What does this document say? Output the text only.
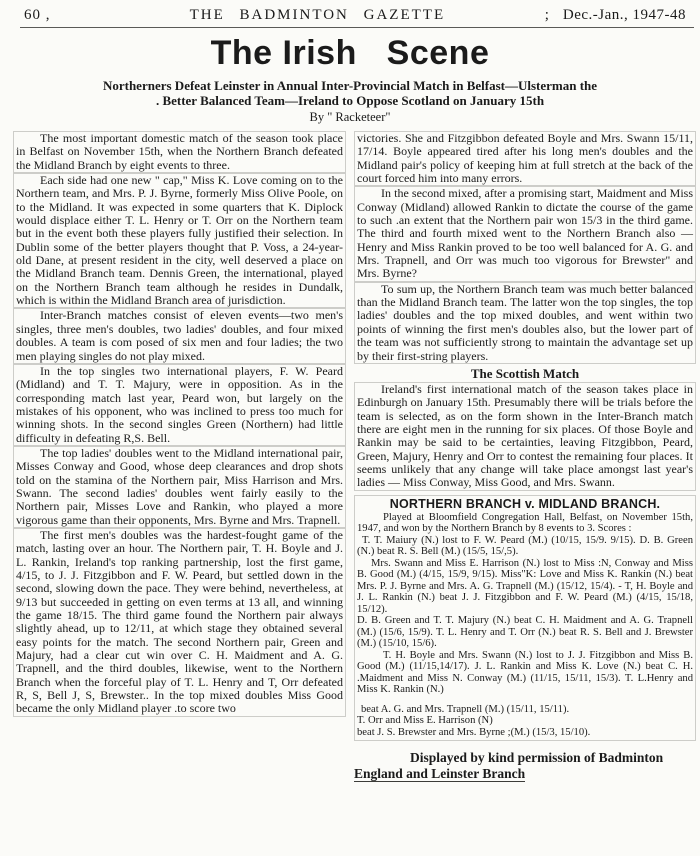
60 ,	THE BADMINTON GAZETTE	; Dec.-Jan., 1947-48
The Irish   Scene
Northerners Defeat Leinster in Annual Inter-Provincial Match in Belfast—Ulsterman the
. Better Balanced Team—Ireland to Oppose Scotland on January 15th
By " Racketeer"

The most important domestic match of the season took place in Belfast on November 15th, when the Northern Branch defeated the Midland Branch by eight events to three.

Each side had one new " cap," Miss K. Love coming on to the Northern team, and Mrs. P. J. Byrne, formerly Miss Olive Poole, on to the Midland. It was expected in some quarters that K. Diplock would displace either T. L. Henry or T. Orr on the Northern team but in the event both these players fully justified their selection. In Dublin some of the better players thought that P. Voss, a 24-year-old Dane, at present resident in the city, well deserved a place on the Midland Branch team. Dennis Green, the international, played on the Northern Branch team although he resides in Dundalk, which is within the Midland Branch area of jurisdiction.

Inter-Branch matches consist of eleven events—two men's singles, three men's doubles, two ladies' doubles, and four mixed doubles. A team is com posed of six men and four ladies; the two men playing singles do not play mixed.

In the top singles two international players, F. W. Peard (Midland) and T. T. Majury, were in opposition. As in the corresponding match last year, Peard won, but largely on the mistakes of his opponent, who was inclined to press too much for winning shots. In the second singles Green (Northern) had little difficulty in defeating R,S. Bell.

The top ladies' doubles went to the Midland international pair, Misses Conway and Good, whose deep clearances and drop shots told on the stamina of the Northern pair, Miss Harrison and Mrs. Swann. The second ladies' doubles went fairly easily to the Northern pair, Misses Love and Rankin, who played a more vigorous game than their opponents, Mrs. Byrne and Mrs. Trapnell.

The first men's doubles was the hardest-fought game of the match, lasting over an hour. The Northern pair, T. H. Boyle and J. L. Rankin, Ireland's top ranking partnership, lost the first game, 4/15, to J. J. Fitzgibbon and F. W. Peard, but settled down in the second, slowing down the pace. They were behind, nevertheless, at 9/13 but succeeded in getting on even terms at 13 all, and winning the game 18/15. The third game found the Northern pair always slightly ahead, up to 12/11, at which stage they obtained several easy points for the match. The second Northern pair, Green and Majury, had a clear cut win over C. H. Maidment and A. G. Trapnell, and the third doubles, likewise, went to the Northern Branch when the forceful play of T. L. Henry and T, Orr defeated R, S, Bell J, S, Brewster.. In the top mixed doubles Miss Good became the only Midland player .to score two

victories. She and Fitzgibbon defeated Boyle and Mrs. Swann 15/11, 17/14. Boyle appeared tired after his long men's doubles and the Midland pair's policy of keeping him at full stretch at the back of the court forced him into many errors.

In the second mixed, after a promising start, Maidment and Miss Conway (Midland) allowed Rankin to dictate the course of the game to such .an extent that the Northern pair won 15/3 in the third game. The third and fourth mixed went to the Northern Branch also — Henry and Miss Rankin proved to be too well balanced for A. G. and Mrs. Trapnell, and Orr was much too vigorous for Brewster" and Mrs. Byrne?

To sum up, the Northern Branch team was much better balanced than the Midland Branch team. The latter won the top singles, the top ladies' doubles and the top mixed doubles, and went within two points of winning the first men's doubles also, but the lower part of the team was not sufficiently strong to maintain the advantage set up by their first-string players.

The Scottish Match

Ireland's first international match of the season takes place in Edinburgh on January 15th. Presumably there will be trials before the team is selected, as on the form shown in the Inter-Branch match there are eight men in the running for six places. Of those Boyle and Rankin may be said to be certainties, leaving Fitzgibbon, Peard, Green, Majury, Henry and Orr to contest the remaining four places. It seems unlikely that any change will take place amongst last year's ladies — Miss Conway, Miss Good, and Mrs. Swann.

NORTHERN BRANCH v. MIDLAND BRANCH.

Played at Bloomfield Congregation Hall, Belfast, on November 15th, 1947, and won by the Northern Branch by 8 events to 3. Scores :

T. T. Maiury (N.) lost to F. W. Peard (M.) (10/15, 15/9. 9/15). D. B. Green (N.) beat R. S. Bell (M.) (15/5, 15/,5).

Mrs. Swann and Miss E. Harrison (N.) lost to Miss :N, Conway and Miss B. Good (M.) (4/15, 15/9, 9/15). Miss"K: Love and Miss K. Rankin (N.) beat Mrs. P. J. Byrne and Mrs. A. G. Trapnell (M.) (15/12, 15/4). - T, H. Boyle and J. L. Rankin (N.) beat J. J. Fitzgibbon and F. W. Peard (M.) (4/15, 15/18, 15/12).

D. B. Green and T. T. Majury (N.) beat C. H. Maidment and A. G. Trapnell (M.) (15/6, 15/9). T. L. Henry and T. Orr (N.) beat R. S. Bell and J. Brewster (M.) (15/10, 15/6).

T. H. Boyle and Mrs. Swann (N.) lost to J. J. Fitzgibbon and Miss B. Good (M.) (11/15,14/17). J. L. Rankin and Miss K. Love (N.) beat C. H. .Maidment and Miss N. Conway (M.) (11/15, 15/11, 15/3). T. L.Henry and Miss K. Rankin (N.)

beat A. G. and Mrs. Trapnell (M.) (15/11, 15/11).

T. Orr and Miss E. Harrison (N)

beat J. S. Brewster and Mrs. Byrne ;(M.) (15/3, 15/10).

Displayed by kind permission of Badminton
England and Leinster Branch
